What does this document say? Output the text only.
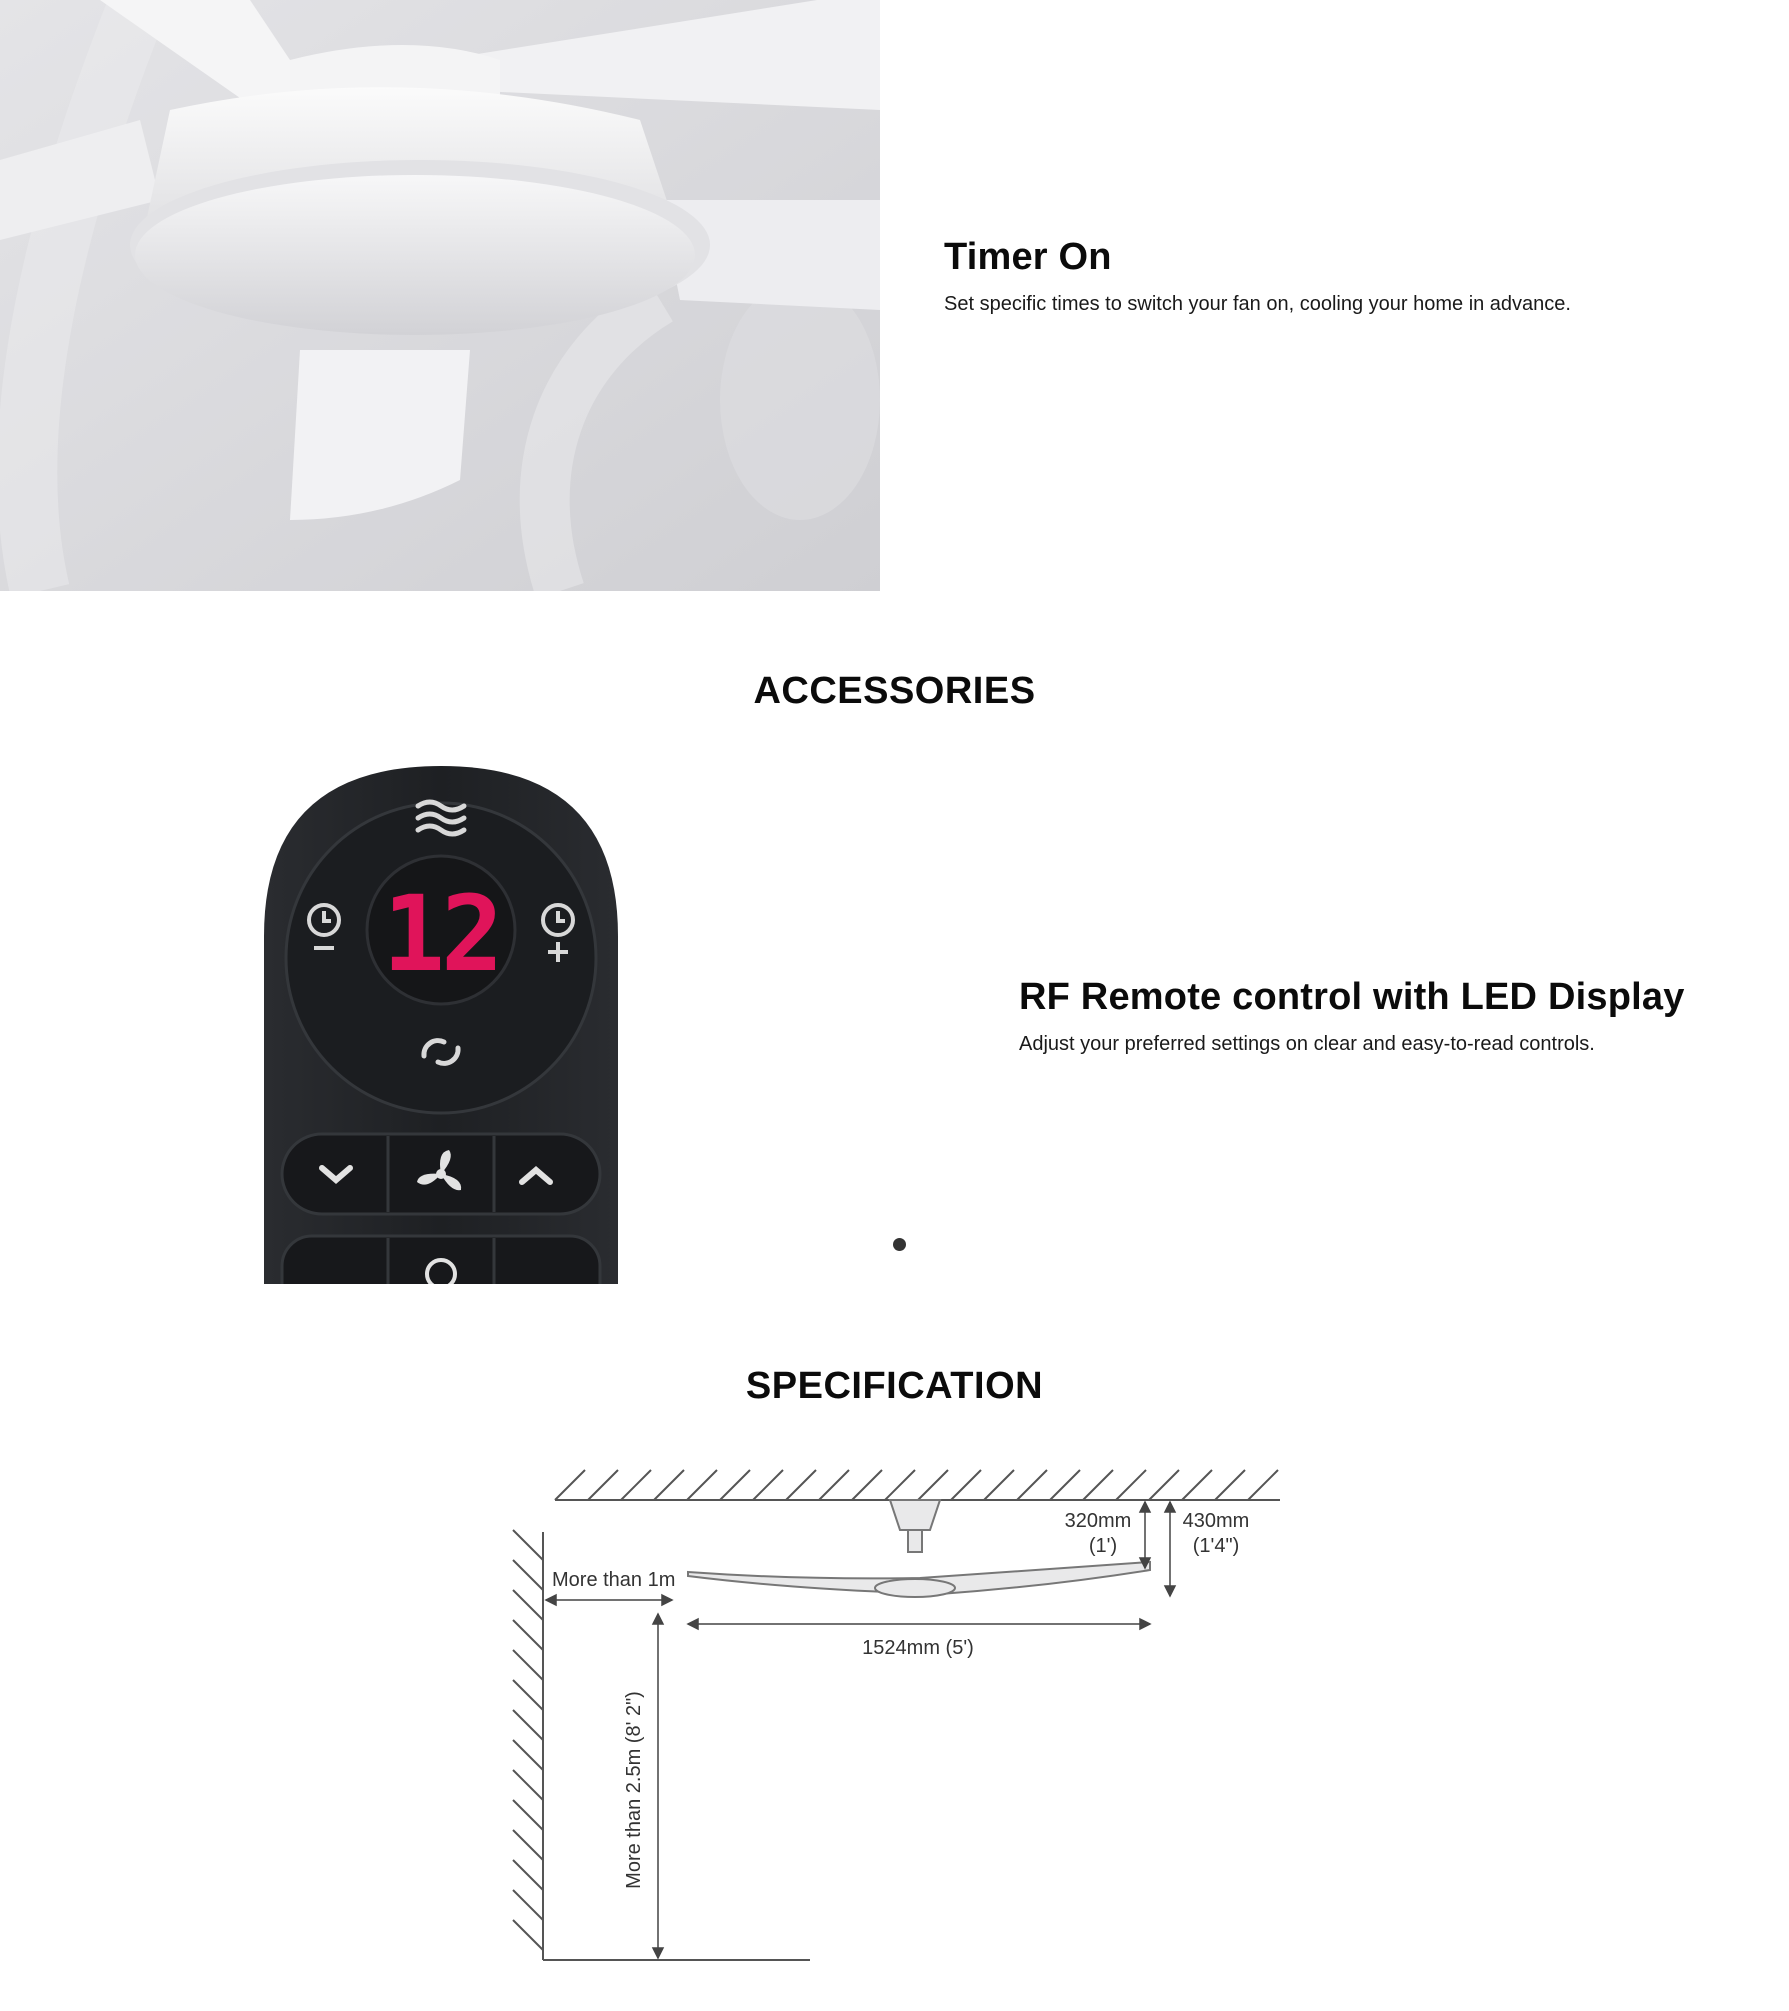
Timer On

Set specific times to switch your fan on, cooling your home in advance.

ACCESSORIES
12
RF Remote control with LED Display

Adjust your preferred settings on clear and easy-to-read controls.

SPECIFICATION
320mm
(1')
430mm
(1'4")
More than 1m
1524mm (5')
More than 2.5m (8' 2")
